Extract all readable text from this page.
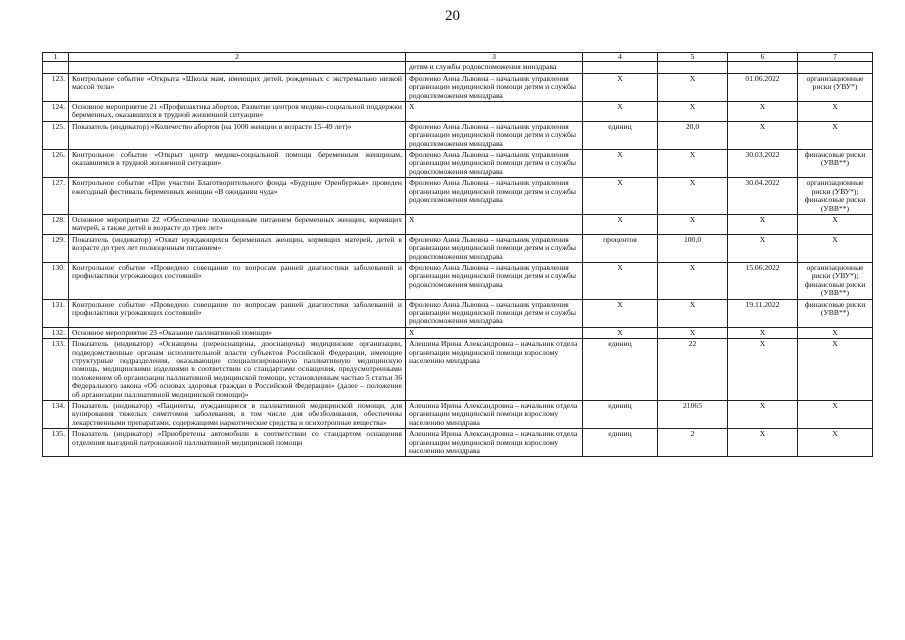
20
1	2	3	4	5	6	7
		детям и службы родовспоможения минздрава				
123.	Контрольное событие «Открыта «Школа мам, имеющих детей, рожденных с экстремально низкой массой тела»	Фроленко Анна Львовна – начальник управления организации медицинской помощи детям и службы родовспоможения минздрава	Х	Х	01.06.2022	организационные риски (УВУ*)
124.	Основное мероприятие 21 «Профилактика абортов. Развитие центров медико-социальной поддержки беременных, оказавшихся в трудной жизненной ситуации»	Х	Х	Х	Х	Х
125.	Показатель (индикатор) «Количество абортов (на 1000 женщин в возрасте 15–49 лет)»	Фроленко Анна Львовна – начальник управления организации медицинской помощи детям и службы родовспоможения минздрава	единиц	20,0	Х	Х
126.	Контрольное событие «Открыт центр медико-социальной помощи беременным женщинам, оказавшимся в трудной жизненной ситуации»	Фроленко Анна Львовна – начальник управления организации медицинской помощи детям и службы родовспоможения минздрава	Х	Х	30.03.2022	финансовые риски (УВВ**)
127.	Контрольное событие «При участии Благотворительного фонда «Будущее Оренбуржья» проведен ежегодный фестиваль беременных женщин «В ожидании чуда»	Фроленко Анна Львовна – начальник управления организации медицинской помощи детям и службы родовспоможения минздрава	Х	Х	30.04.2022	организационные риски (УВУ*); финансовые риски (УВВ**)
128.	Основное мероприятие 22 «Обеспечение полноценным питанием беременных женщин, кормящих матерей, а также детей в возрасте до трех лет»	Х	Х	Х	Х	Х
129.	Показатель (индикатор) «Охват нуждающихся беременных женщин, кормящих матерей, детей в возрасте до трех лет полноценным питанием»	Фроленко Анна Львовна – начальник управления организации медицинской помощи детям и службы родовспоможения минздрава	процентов	100,0	Х	Х
130.	Контрольное событие «Проведено совещание по вопросам ранней диагностики заболеваний и профилактики угрожающих состояний»	Фроленко Анна Львовна – начальник управления организации медицинской помощи детям и службы родовспоможения минздрава	Х	Х	15.06.2022	организационные риски (УВУ*); финансовые риски (УВВ**)
131.	Контрольное событие «Проведено совещание по вопросам ранней диагностики заболеваний и профилактики угрожающих состояний»	Фроленко Анна Львовна – начальник управления организации медицинской помощи детям и службы родовспоможения минздрава	Х	Х	19.11.2022	финансовые риски (УВВ**)
132.	Основное мероприятие 23 «Оказание паллиативной помощи»	Х	Х	Х	Х	Х
133.	Показатель (индикатор) «Оснащены (переоснащены, дооснащены) медицинские организации, подведомственные органам исполнительной власти субъектов Российской Федерации, имеющие структурные подразделения, оказывающие специализированную паллиативную медицинскую помощь, медицинскими изделиями в соответствии со стандартами оснащения, предусмотренными положением об организации паллиативной медицинской помощи, установленным частью 5 статьи 36 Федерального закона «Об основах здоровья граждан в Российской Федерации» (далее – положение об организации паллиативной медицинской помощи)»	Алешина Ирина Александровна – начальник отдела организации медицинской помощи взрослому населению минздрава	единиц	22	Х	Х
134.	Показатель (индикатор) «Пациенты, нуждающиеся в паллиативной медицинской помощи, для купирования тяжелых симптомов заболевания, в том числе для обезболивания, обеспечены лекарственными препаратами, содержащими наркотические средства и психотропные вещества»	Алешина Ирина Александровна – начальник отдела организации медицинской помощи взрослому населению минздрава	единиц	21065	Х	Х
135.	Показатель (индикатор) «Приобретены автомобили в соответствии со стандартом оснащения отделения выездной патронажной паллиативной медицинской помощи	Алешина Ирина Александровна – начальник отдела организации медицинской помощи взрослому населению минздрава	единиц	2	Х	Х
